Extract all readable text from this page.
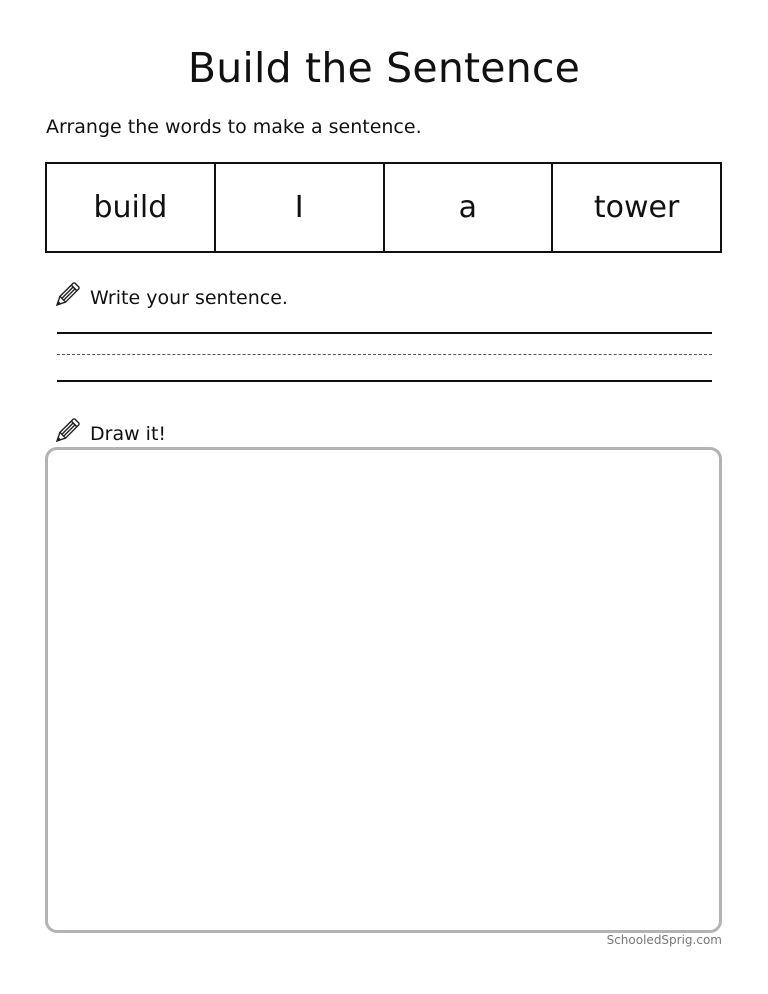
Build the Sentence
Arrange the words to make a sentence.
build	I	a	tower
Write your sentence.
Draw it!
SchooledSprig.com
